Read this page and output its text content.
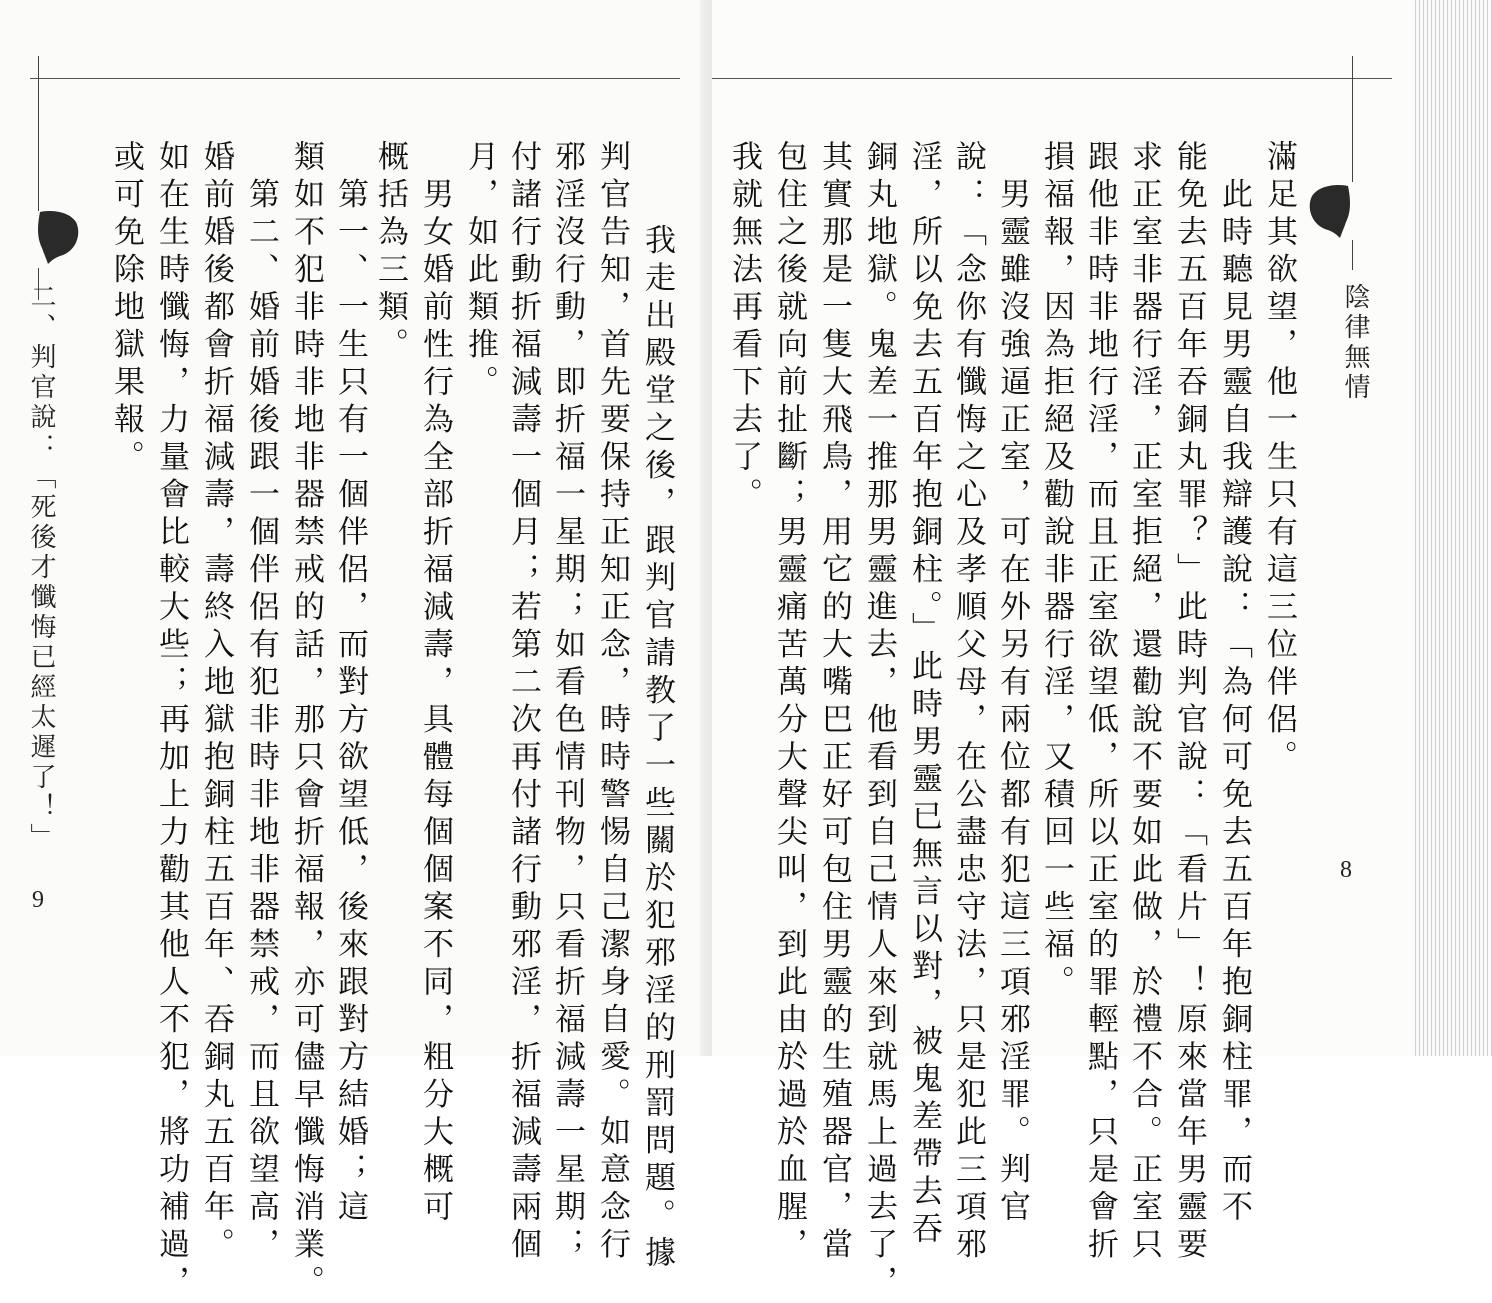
二、判官說：「死後才懺悔已經太遲了！」
9
或可免除地獄果報。 如在生時懺悔，力量會比較大些；再加上力勸其他人不犯，將功補過， 婚前婚後都會折福減壽，壽終入地獄抱銅柱五百年、吞銅丸五百年。 　第二、婚前婚後跟一個伴侶有犯非時非地非器禁戒，而且欲望高， 類如不犯非時非地非器禁戒的話，那只會折福報，亦可儘早懺悔消業。 　第一、一生只有一個伴侶，而對方欲望低，後來跟對方結婚；這 概括為三類。 　男女婚前性行為全部折福減壽，具體每個個案不同，粗分大概可 月，如此類推。 付諸行動折福減壽一個月；若第二次再付諸行動邪淫，折福減壽兩個 邪淫沒行動，即折福一星期；如看色情刊物，只看折福減壽一星期； 判官告知，首先要保持正知正念，時時警惕自己潔身自愛。如意念行 　我走出殿堂之後，跟判官請教了一些關於犯邪淫的刑罰問題。據
　　　　　　　　　　　　　　　　	陰律無情
8
我就無法再看下去了。 包住之後就向前扯斷；男靈痛苦萬分大聲尖叫，到此由於過於血腥， 其實那是一隻大飛鳥，用它的大嘴巴正好可包住男靈的生殖器官，當 銅丸地獄。鬼差一推那男靈進去，他看到自己情人來到就馬上過去了， 淫，所以免去五百年抱銅柱。」此時男靈已無言以對，被鬼差帶去吞 說：「念你有懺悔之心及孝順父母，在公盡忠守法，只是犯此三項邪 　男靈雖沒強逼正室，可在外另有兩位都有犯這三項邪淫罪。判官 損福報，因為拒絕及勸說非器行淫，又積回一些福。 跟他非時非地行淫，而且正室欲望低，所以正室的罪輕點，只是會折 求正室非器行淫，正室拒絕，還勸說不要如此做，於禮不合。正室只 能免去五百年吞銅丸罪？」此時判官說：「看片」！原來當年男靈要 　此時聽見男靈自我辯護說：「為何可免去五百年抱銅柱罪，而不 滿足其欲望，他一生只有這三位伴侶。
